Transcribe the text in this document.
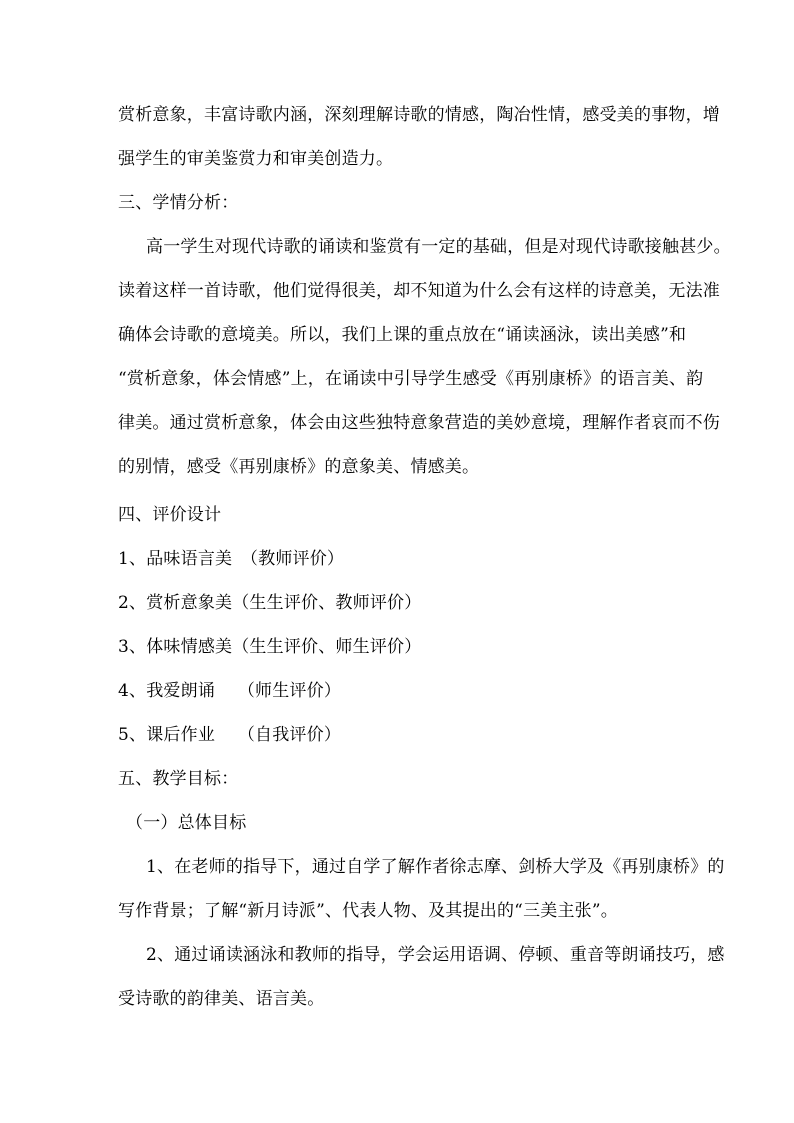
赏析意象，丰富诗歌内涵，深刻理解诗歌的情感，陶冶性情，感受美的事物，增
强学生的审美鉴赏力和审美创造力。
三、学情分析：
高一学生对现代诗歌的诵读和鉴赏有一定的基础，但是对现代诗歌接触甚少。
读着这样一首诗歌，他们觉得很美，却不知道为什么会有这样的诗意美，无法准
确体会诗歌的意境美。所以，我们上课的重点放在“诵读涵泳，读出美感”和
“赏析意象，体会情感”上，在诵读中引导学生感受《再别康桥》的语言美、韵
律美。通过赏析意象，体会由这些独特意象营造的美妙意境，理解作者哀而不伤
的别情，感受《再别康桥》的意象美、情感美。
四、评价设计
1、品味语言美　（教师评价）
2、赏析意象美（生生评价、教师评价）
3、体味情感美（生生评价、师生评价）
4、我爱朗诵　 （师生评价）
5、课后作业　 （自我评价）
五、教学目标：
（一）总体目标
1、在老师的指导下，通过自学了解作者徐志摩、剑桥大学及《再别康桥》的
写作背景；了解“新月诗派”、代表人物、及其提出的“三美主张”。
2、通过诵读涵泳和教师的指导，学会运用语调、停顿、重音等朗诵技巧，感
受诗歌的韵律美、语言美。
